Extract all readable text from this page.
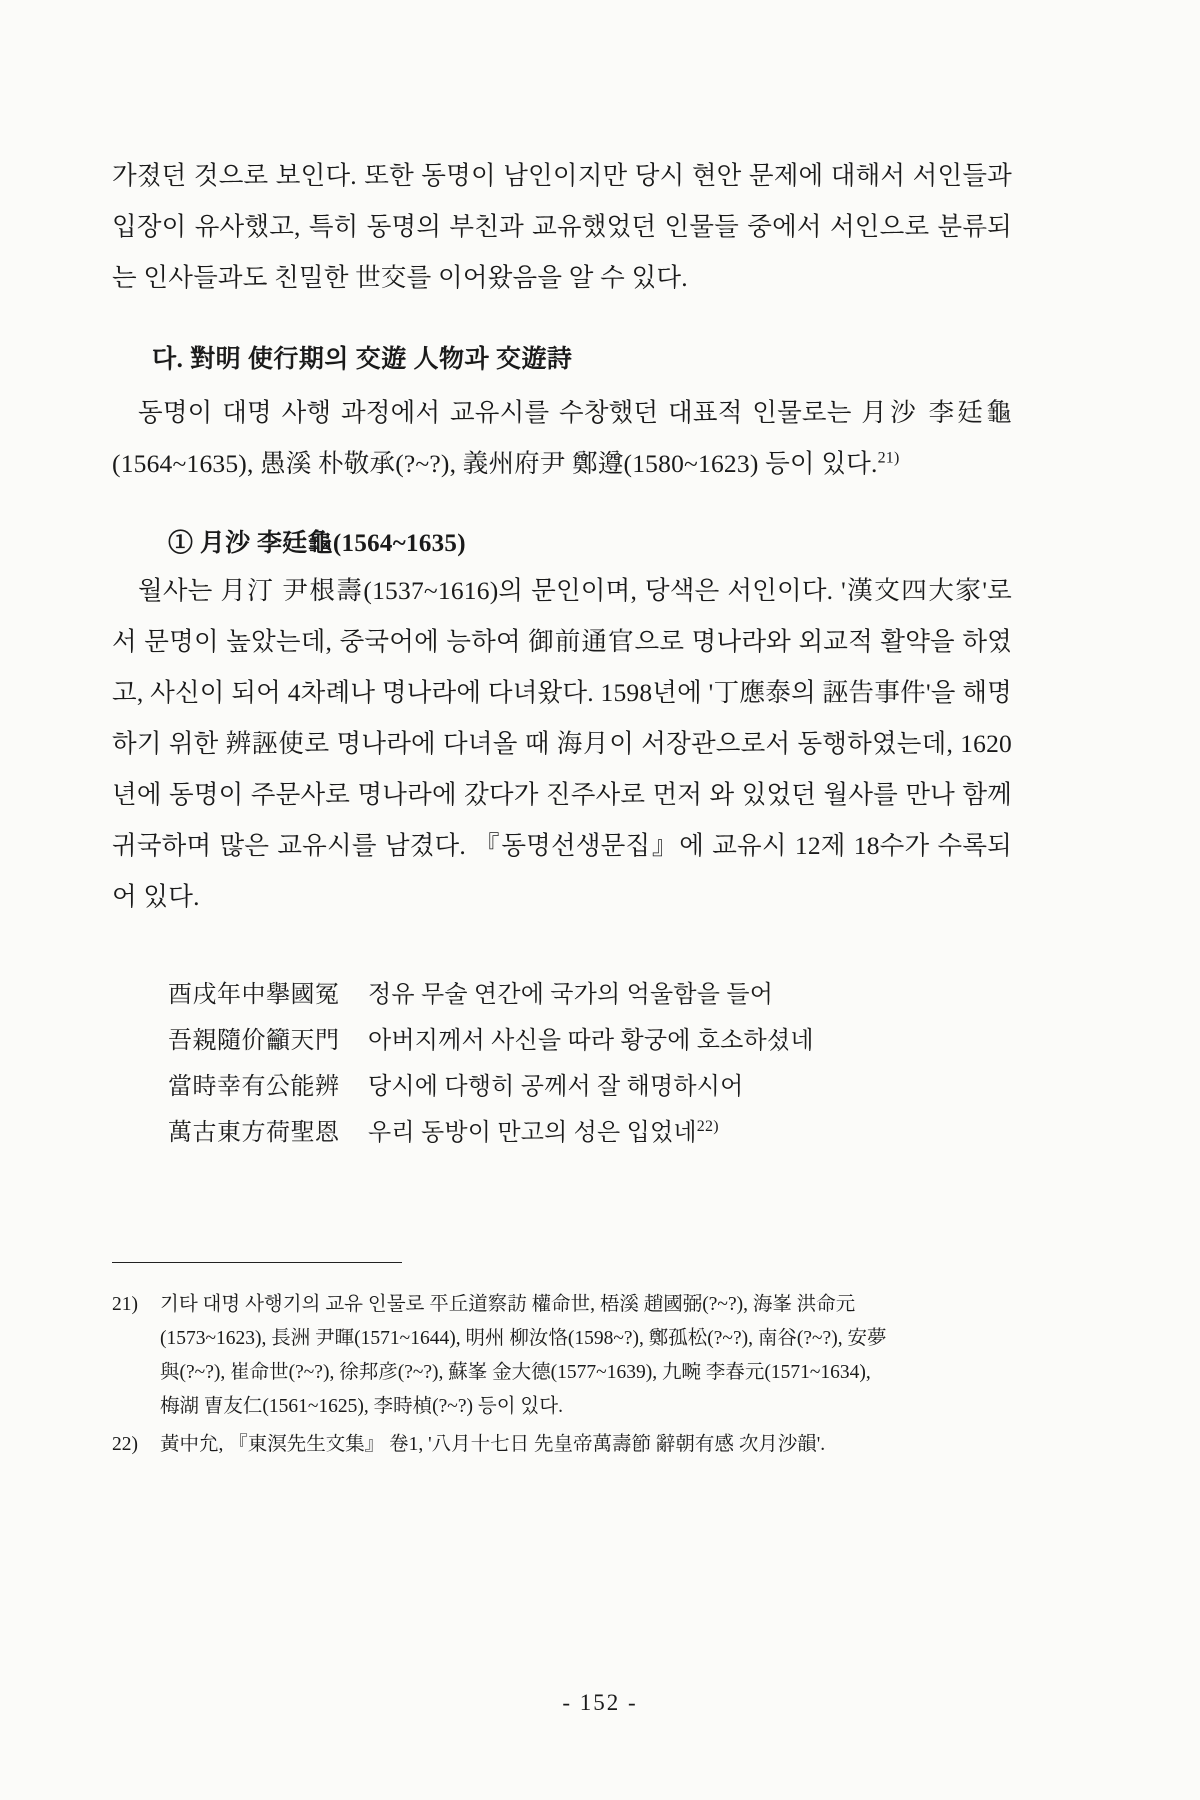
가졌던 것으로 보인다. 또한 동명이 남인이지만 당시 현안 문제에 대해서 서인들과 입장이 유사했고, 특히 동명의 부친과 교유했었던 인물들 중에서 서인으로 분류되는 인사들과도 친밀한 世交를 이어왔음을 알 수 있다.

다. 對明 使行期의 交遊 人物과 交遊詩

동명이 대명 사행 과정에서 교유시를 수창했던 대표적 인물로는 月沙 李廷龜 (1564~1635), 愚溪 朴敬承(?~?), 義州府尹 鄭遵(1580~1623) 등이 있다.$^{21)}$

① 月沙 李廷龜(1564~1635)

월사는 月汀 尹根壽(1537~1616)의 문인이며, 당색은 서인이다. '漢文四大家'로서 문명이 높았는데, 중국어에 능하여 御前通官으로 명나라와 외교적 활약을 하였고, 사신이 되어 4차례나 명나라에 다녀왔다. 1598년에 '丁應泰의 誣告事件'을 해명하기 위한 辨誣使로 명나라에 다녀올 때 海月이 서장관으로서 동행하였는데, 1620년에 동명이 주문사로 명나라에 갔다가 진주사로 먼저 와 있었던 월사를 만나 함께 귀국하며 많은 교유시를 남겼다. 『동명선생문집』에 교유시 12제 18수가 수록되어 있다.

酉戌年中擧國冤	정유 무술 연간에 국가의 억울함을 들어
吾親隨价籲天門	아버지께서 사신을 따라 황궁에 호소하셨네
當時幸有公能辨	당시에 다행히 공께서 잘 해명하시어
萬古東方荷聖恩	우리 동방이 만고의 성은 입었네$^{22)}$
21)	기타 대명 사행기의 교유 인물로 平丘道察訪 權命世, 梧溪 趙國弼(?~?), 海峯 洪命元
(1573~1623), 長洲 尹暉(1571~1644), 明州 柳汝恪(1598~?), 鄭孤松(?~?), 南谷(?~?), 安夢
與(?~?), 崔命世(?~?), 徐邦彦(?~?), 蘇峯 金大德(1577~1639), 九畹 李春元(1571~1634),
梅湖 曺友仁(1561~1625), 李時楨(?~?) 등이 있다.
22)	黃中允, 『東溟先生文集』 卷1, '八月十七日 先皇帝萬壽節 辭朝有感 次月沙韻'.
- 152 -
